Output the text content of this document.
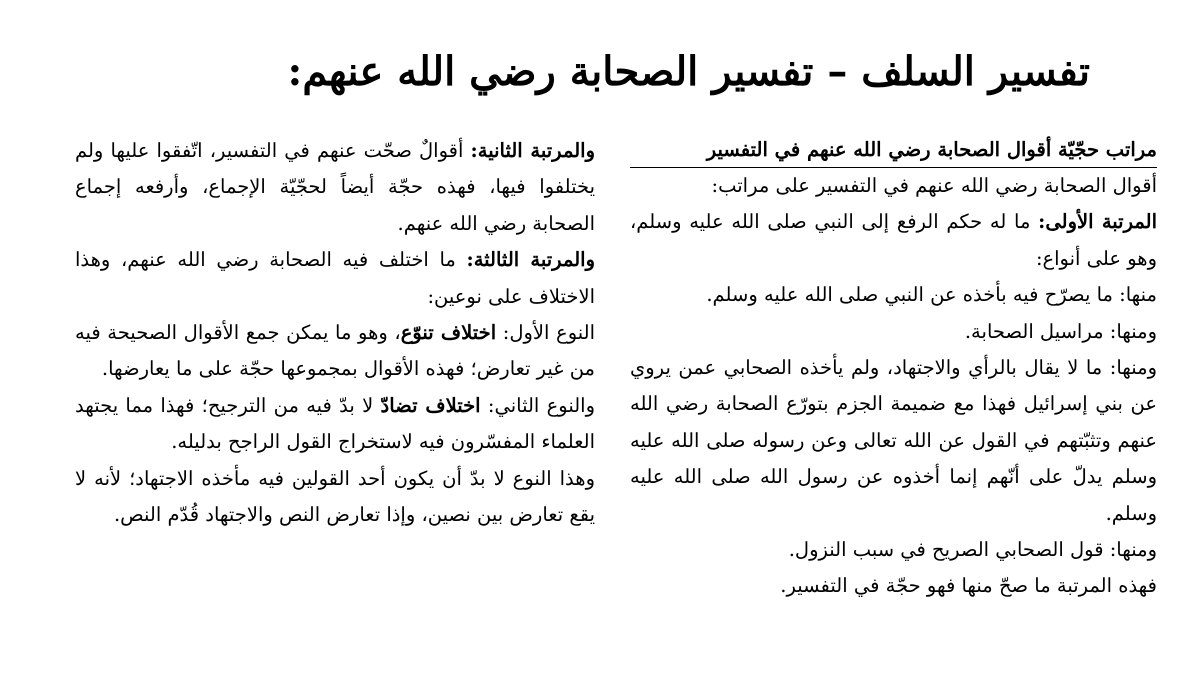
تفسير السلف – تفسير الصحابة رضي الله عنهم:
مراتب حجّيّة أقوال الصحابة رضي الله عنهم في التفسير

أقوال الصحابة رضي الله عنهم في التفسير على مراتب:

المرتبة الأولى: ما له حكم الرفع إلى النبي صلى الله عليه وسلم، وهو على أنواع:

منها: ما يصرّح فيه بأخذه عن النبي صلى الله عليه وسلم.

ومنها: مراسيل الصحابة.

ومنها: ما لا يقال بالرأي والاجتهاد، ولم يأخذه الصحابي عمن يروي عن بني إسرائيل فهذا مع ضميمة الجزم بتورّع الصحابة رضي الله عنهم وتثبّتهم في القول عن الله تعالى وعن رسوله صلى الله عليه وسلم يدلّ على أنّهم إنما أخذوه عن رسول الله صلى الله عليه وسلم.

ومنها: قول الصحابي الصريح في سبب النزول.

فهذه المرتبة ما صحّ منها فهو حجّة في التفسير.

والمرتبة الثانية: أقوالٌ صحّت عنهم في التفسير، اتّفقوا عليها ولم يختلفوا فيها، فهذه حجّة أيضاً لحجّيّة الإجماع، وأرفعه إجماع الصحابة رضي الله عنهم.

والمرتبة الثالثة: ما اختلف فيه الصحابة رضي الله عنهم، وهذا الاختلاف على نوعين:

النوع الأول: اختلاف تنوّع، وهو ما يمكن جمع الأقوال الصحيحة فيه من غير تعارض؛ فهذه الأقوال بمجموعها حجّة على ما يعارضها.

والنوع الثاني: اختلاف تضادّ لا بدّ فيه من الترجيح؛ فهذا مما يجتهد العلماء المفسّرون فيه لاستخراج القول الراجح بدليله.

وهذا النوع لا بدّ أن يكون أحد القولين فيه مأخذه الاجتهاد؛ لأنه لا يقع تعارض بين نصين، وإذا تعارض النص والاجتهاد قُدّم النص.
